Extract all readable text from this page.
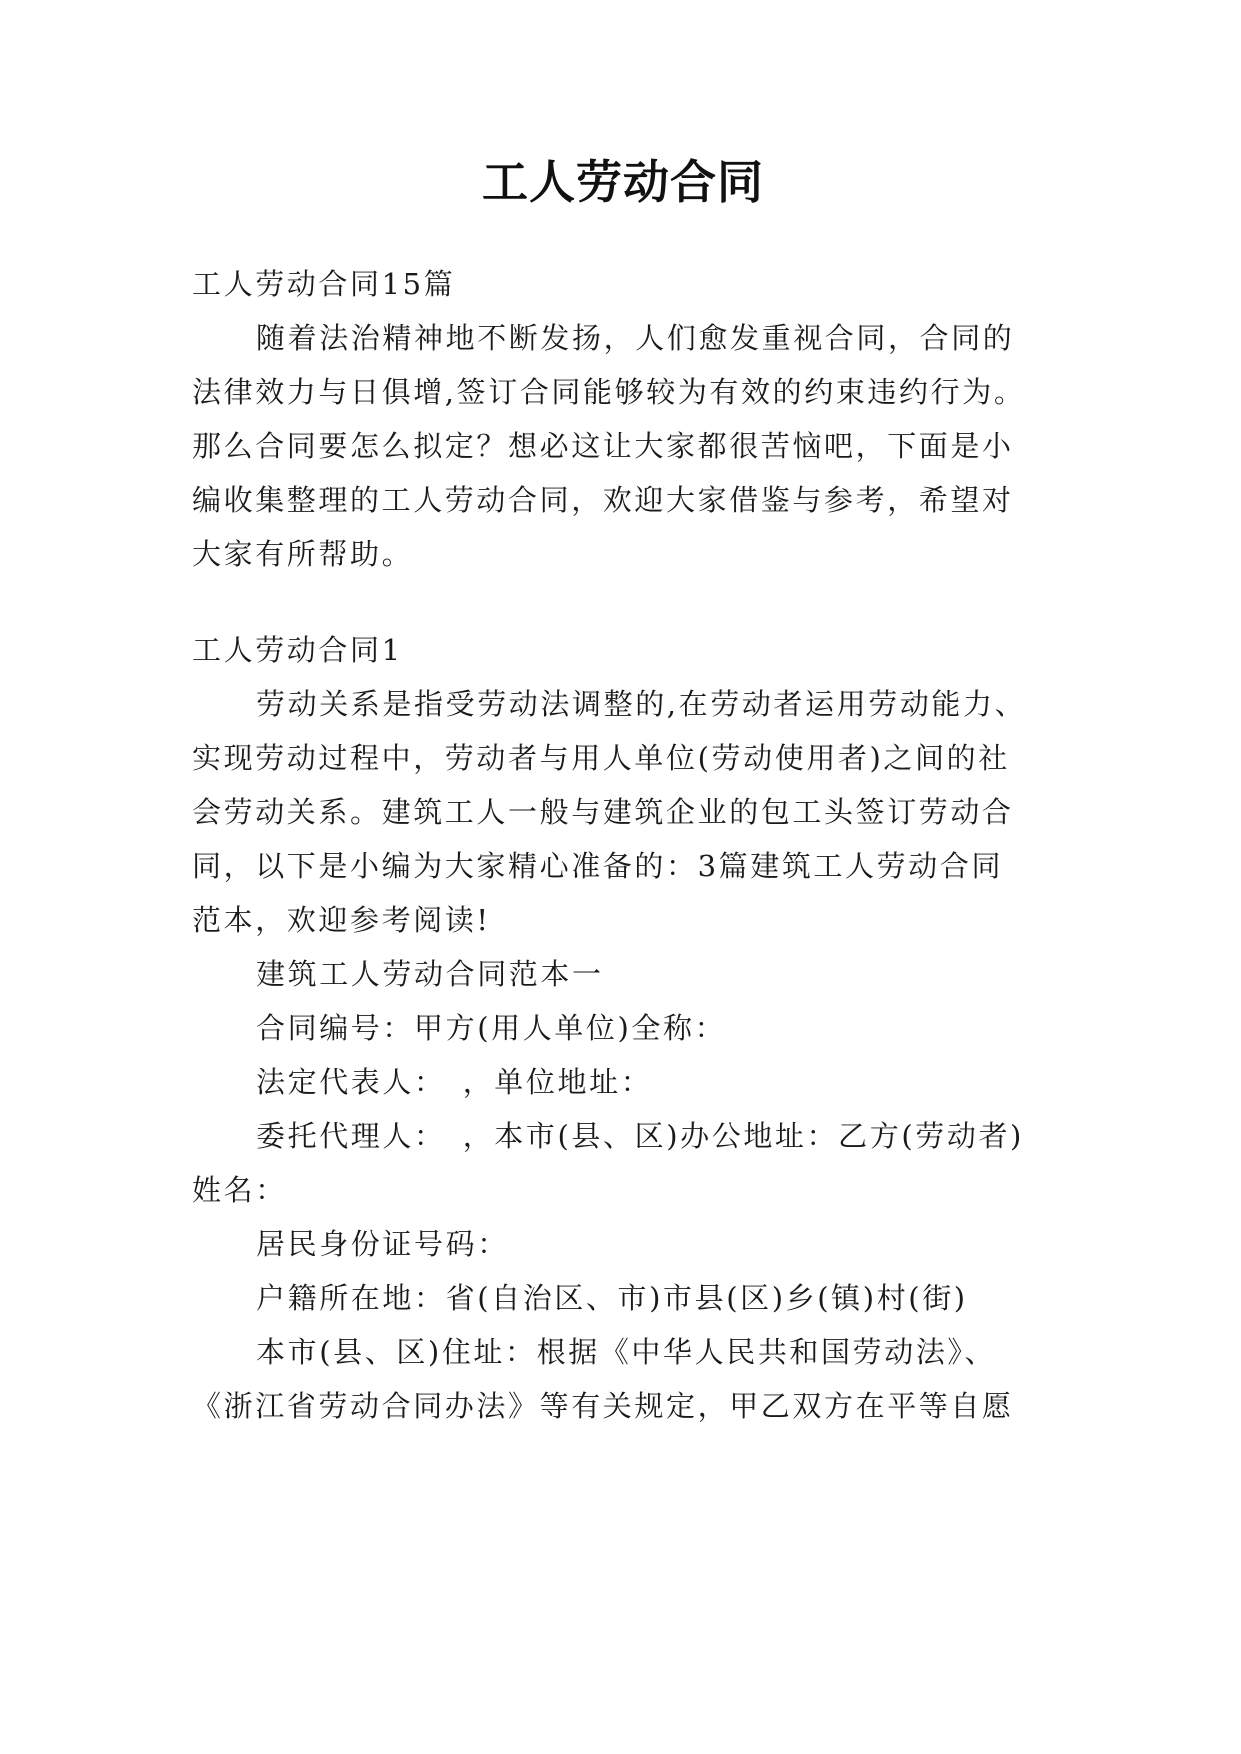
工人劳动合同
工人劳动合同15篇
随着法治精神地不断发扬，人们愈发重视合同，合同的
法律效力与日俱增,签订合同能够较为有效的约束违约行为。
那么合同要怎么拟定？想必这让大家都很苦恼吧，下面是小
编收集整理的工人劳动合同，欢迎大家借鉴与参考，希望对
大家有所帮助。
工人劳动合同1
劳动关系是指受劳动法调整的,在劳动者运用劳动能力、
实现劳动过程中，劳动者与用人单位(劳动使用者)之间的社
会劳动关系。建筑工人一般与建筑企业的包工头签订劳动合
同，以下是小编为大家精心准备的：3篇建筑工人劳动合同
范本，欢迎参考阅读!
建筑工人劳动合同范本一
合同编号：甲方(用人单位)全称：
法定代表人：　，单位地址：
委托代理人：　，本市(县、区)办公地址：乙方(劳动者)
姓名：
居民身份证号码：
户籍所在地：省(自治区、市)市县(区)乡(镇)村(街)
本市(县、区)住址：根据《中华人民共和国劳动法》、
《浙江省劳动合同办法》等有关规定，甲乙双方在平等自愿
